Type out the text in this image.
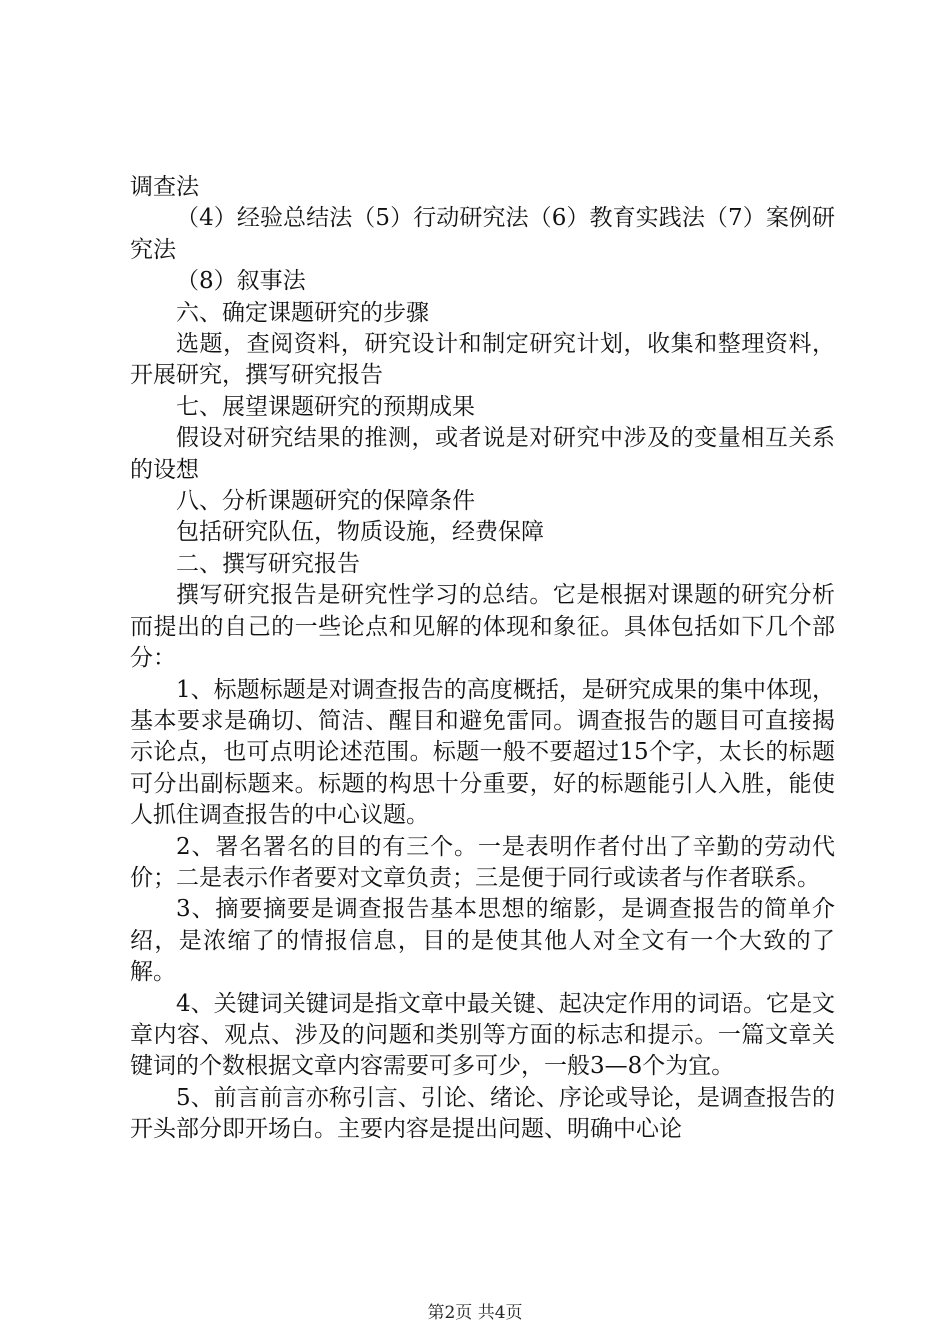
调查法

（4）经验总结法（5）行动研究法（6）教育实践法（7）案例研究法

（8）叙事法

六、确定课题研究的步骤

选题，查阅资料，研究设计和制定研究计划，收集和整理资料，开展研究，撰写研究报告

七、展望课题研究的预期成果

假设对研究结果的推测，或者说是对研究中涉及的变量相互关系的设想

八、分析课题研究的保障条件

包括研究队伍，物质设施，经费保障

二、撰写研究报告

撰写研究报告是研究性学习的总结。它是根据对课题的研究分析而提出的自己的一些论点和见解的体现和象征。具体包括如下几个部分：

1、标题标题是对调查报告的高度概括，是研究成果的集中体现，基本要求是确切、简洁、醒目和避免雷同。调查报告的题目可直接揭示论点，也可点明论述范围。标题一般不要超过15个字，太长的标题可分出副标题来。标题的构思十分重要，好的标题能引人入胜，能使人抓住调查报告的中心议题。

2、署名署名的目的有三个。一是表明作者付出了辛勤的劳动代价；二是表示作者要对文章负责；三是便于同行或读者与作者联系。

3、摘要摘要是调查报告基本思想的缩影，是调查报告的简单介绍，是浓缩了的情报信息，目的是使其他人对全文有一个大致的了解。

4、关键词关键词是指文章中最关键、起决定作用的词语。它是文章内容、观点、涉及的问题和类别等方面的标志和提示。一篇文章关键词的个数根据文章内容需要可多可少，一般3—8个为宜。

5、前言前言亦称引言、引论、绪论、序论或导论，是调查报告的开头部分即开场白。主要内容是提出问题、明确中心论

第2页 共4页
